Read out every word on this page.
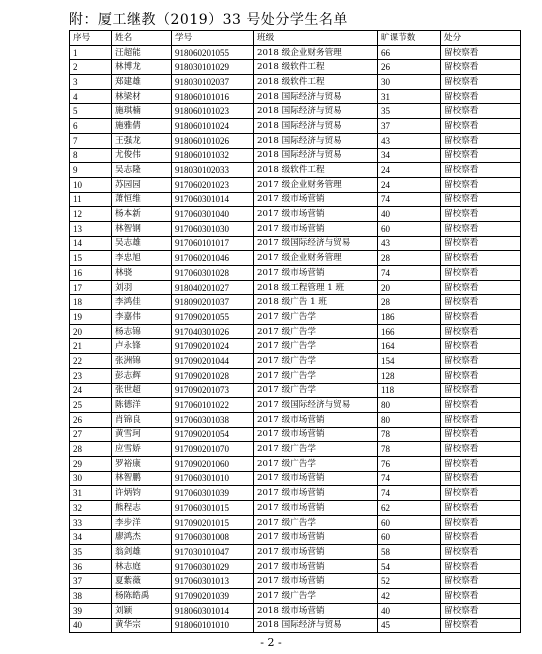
附：厦工继教（2019）33 号处分学生名单
序号	姓名	学号	班级	旷课节数	处分
1	汪超能	918060201055	2018 级企业财务管理	66	留校察看
2	林博龙	918030101029	2018 级软件工程	26	留校察看
3	郑建雄	918030102037	2018 级软件工程	30	留校察看
4	林梁材	918060101016	2018 国际经济与贸易	31	留校察看
5	施琪楠	918060101023	2018 国际经济与贸易	35	留校察看
6	施雅倩	918060101024	2018 国际经济与贸易	37	留校察看
7	王强龙	918060101026	2018 国际经济与贸易	43	留校察看
8	尤俊伟	918060101032	2018 国际经济与贸易	34	留校察看
9	吴志隆	918030102033	2018 级软件工程	24	留校察看
10	苏园园	917060201023	2017 级企业财务管理	24	留校察看
11	萧恒维	917060301014	2017 级市场营销	74	留校察看
12	杨本新	917060301040	2017 级市场营销	40	留校察看
13	林智钢	917060301030	2017 级市场营销	60	留校察看
14	吴志雄	917060101017	2017 级国际经济与贸易	43	留校察看
15	李忠旭	917060201046	2017 级企业财务管理	28	留校察看
16	林骁	917060301028	2017 级市场营销	74	留校察看
17	刘羽	918040201027	2018 级工程管理 1 班	20	留校察看
18	李鸿佳	918090201037	2018 级广告 1 班	28	留校察看
19	李嘉伟	917090201055	2017 级广告学	186	留校察看
20	杨志锦	917040301026	2017 级广告学	166	留校察看
21	卢永锋	917090201024	2017 级广告学	164	留校察看
22	张洲锦	917090201044	2017 级广告学	154	留校察看
23	彭志辉	917090201028	2017 级广告学	128	留校察看
24	张世超	917090201073	2017 级广告学	118	留校察看
25	陈德洋	917060101022	2017 级国际经济与贸易	80	留校察看
26	肖锦良	917060301038	2017 级市场营销	80	留校察看
27	黄雪珂	917090201054	2017 级市场营销	78	留校察看
28	应雪娇	917090201070	2017 级广告学	78	留校察看
29	罗裕康	917090201060	2017 级广告学	76	留校察看
30	林智鹏	917060301010	2017 级市场营销	74	留校察看
31	许炳钧	917060301039	2017 级市场营销	74	留校察看
32	熊程志	917060301015	2017 级市场营销	62	留校察看
33	李步洋	917090201015	2017 级广告学	60	留校察看
34	廖鸿杰	917060301008	2017 级市场营销	60	留校察看
35	翁剑雄	917030101047	2017 级市场营销	58	留校察看
36	林志庭	917060301029	2017 级市场营销	54	留校察看
37	夏紫薇	917060301013	2017 级市场营销	52	留校察看
38	杨陈皓禹	917090201039	2017 级广告学	42	留校察看
39	刘颖	918060301014	2018 级市场营销	40	留校察看
40	黄华宗	918060101010	2018 国际经济与贸易	45	留校察看
- 2 -
